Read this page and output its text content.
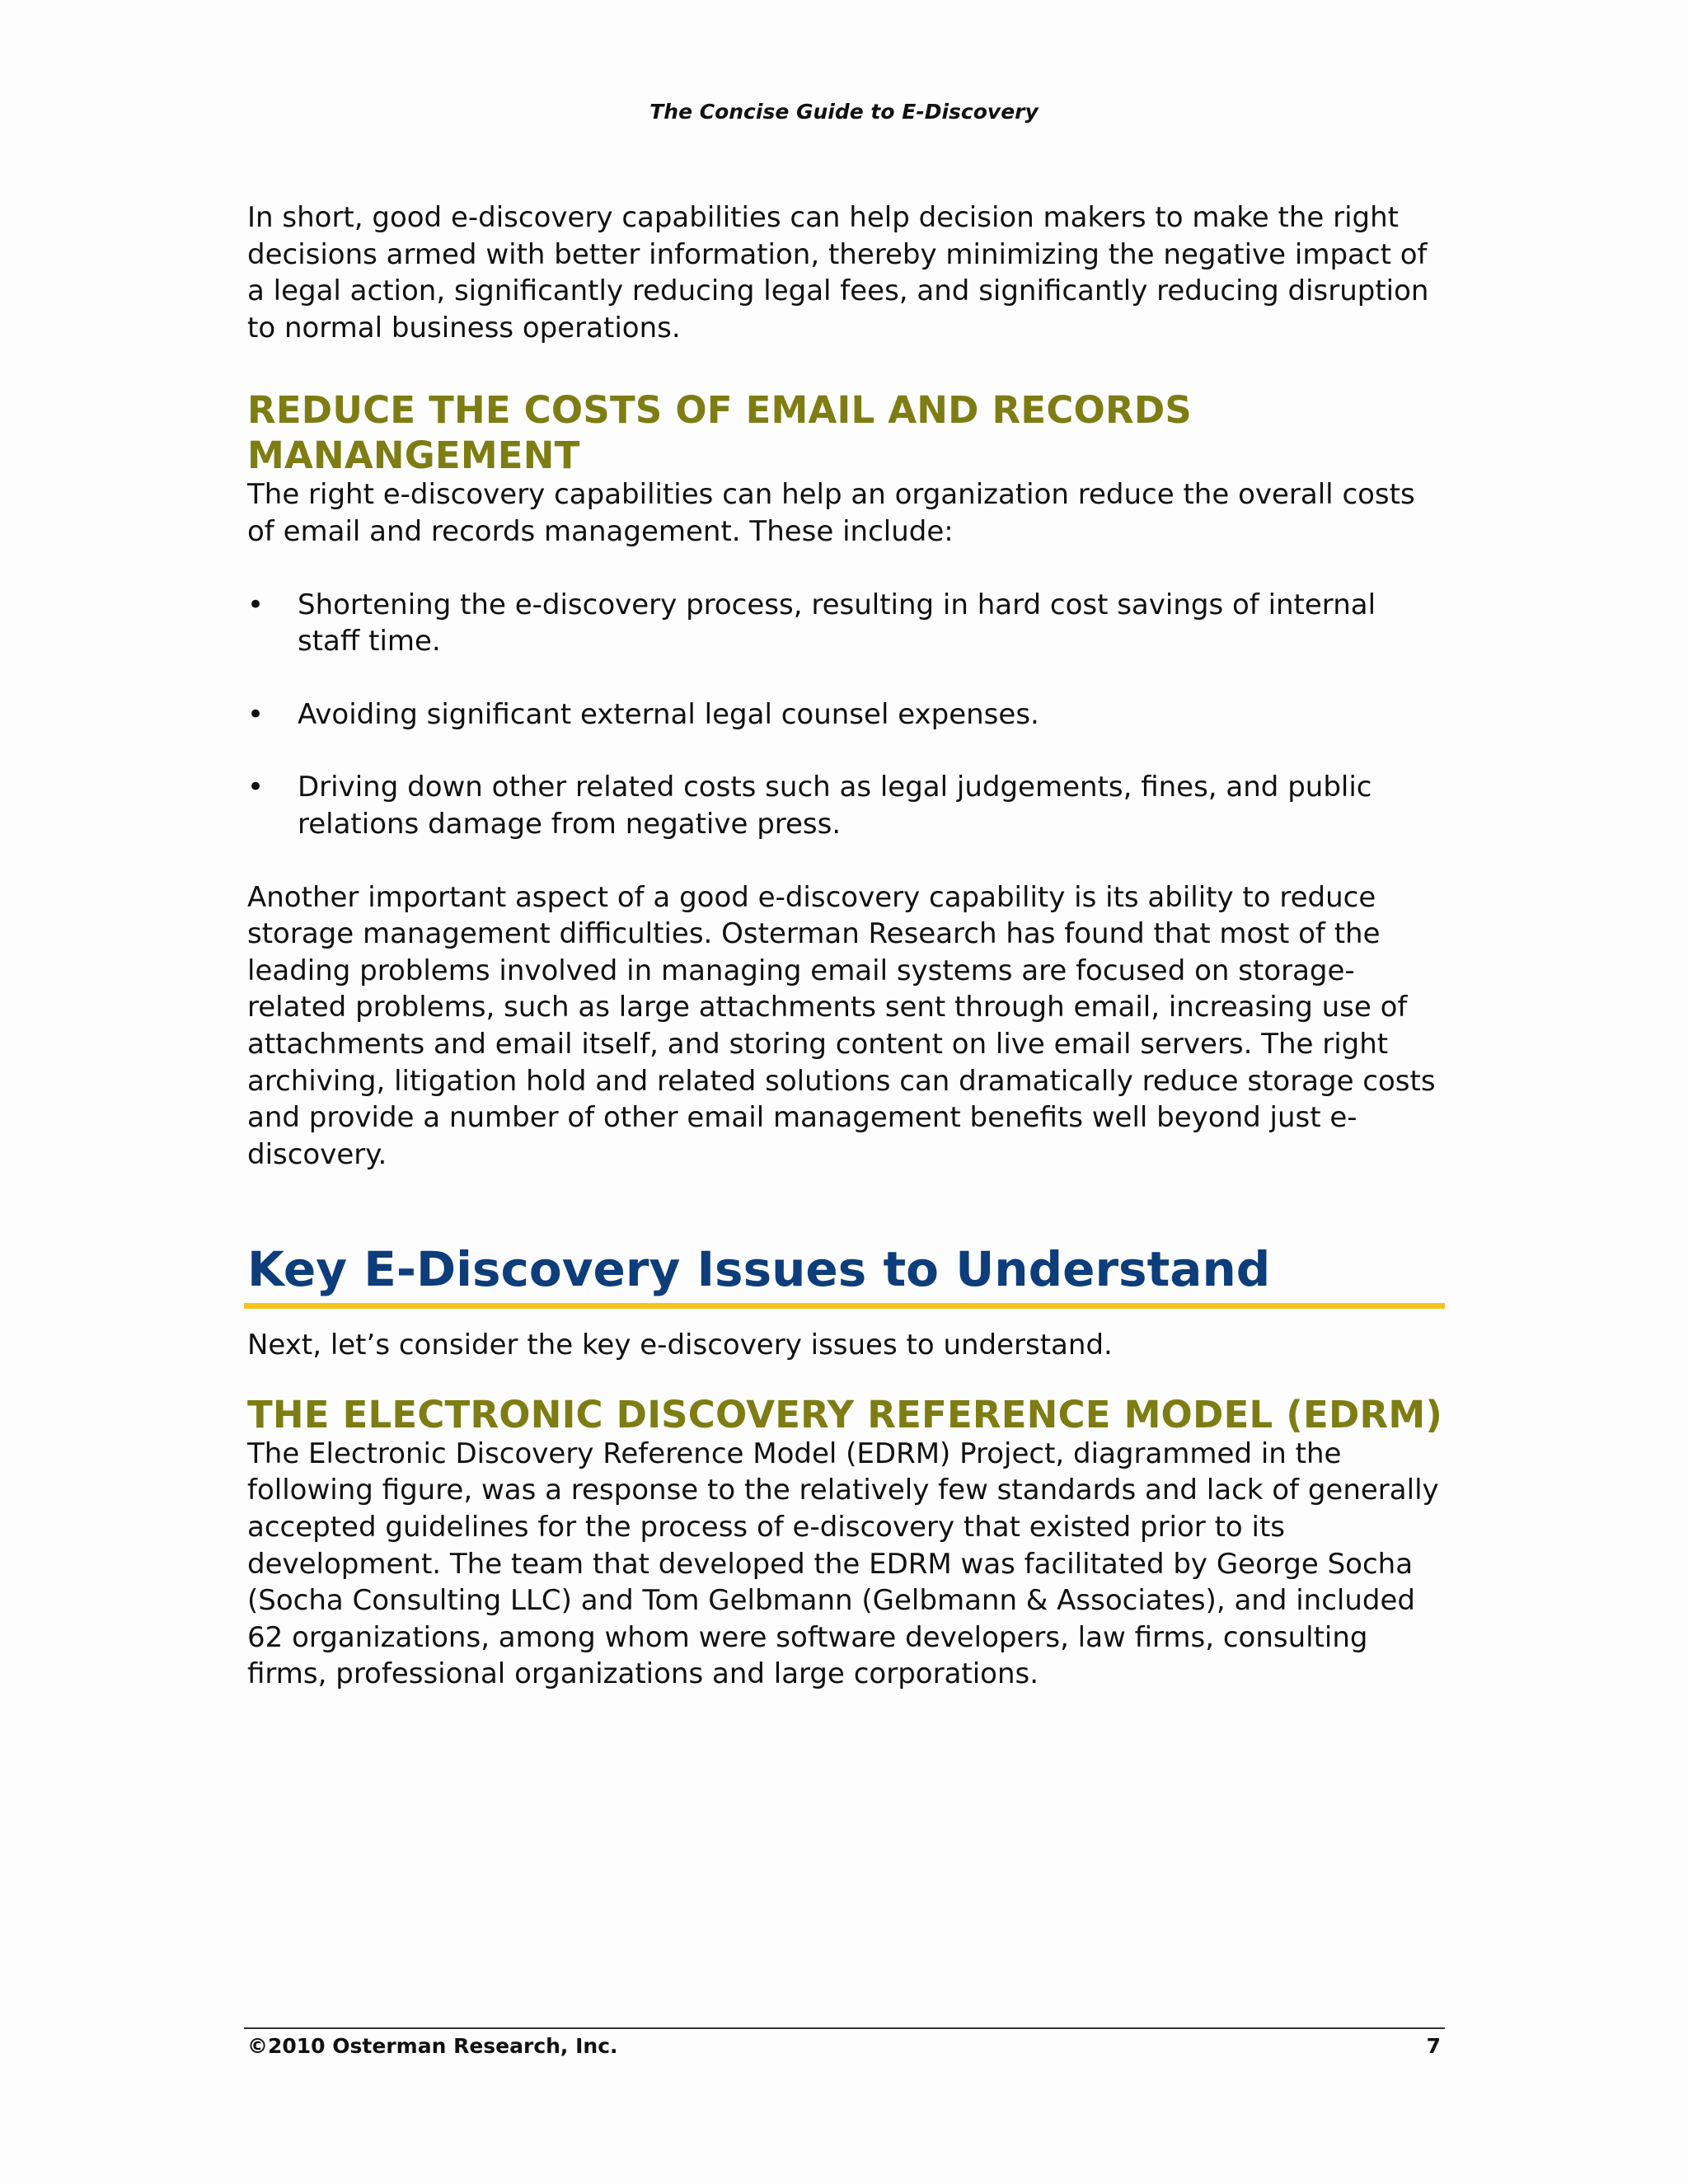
The Concise Guide to E-Discovery

In short, good e-discovery capabilities can help decision makers to make the right decisions armed with better information, thereby minimizing the negative impact of a legal action, significantly reducing legal fees, and significantly reducing disruption to normal business operations.

REDUCE THE COSTS OF EMAIL AND RECORDS
MANANGEMENT

The right e-discovery capabilities can help an organization reduce the overall costs of email and records management. These include:

• Shortening the e-discovery process, resulting in hard cost savings of internal staff time.
• Avoiding significant external legal counsel expenses.
• Driving down other related costs such as legal judgements, fines, and public relations damage from negative press.

Another important aspect of a good e-discovery capability is its ability to reduce storage management difficulties. Osterman Research has found that most of the leading problems involved in managing email systems are focused on storage-related problems, such as large attachments sent through email, increasing use of attachments and email itself, and storing content on live email servers. The right archiving, litigation hold and related solutions can dramatically reduce storage costs and provide a number of other email management benefits well beyond just e-discovery.

Key E-Discovery Issues to Understand

Next, let’s consider the key e-discovery issues to understand.

THE ELECTRONIC DISCOVERY REFERENCE MODEL (EDRM)

The Electronic Discovery Reference Model (EDRM) Project, diagrammed in the following figure, was a response to the relatively few standards and lack of generally accepted guidelines for the process of e-discovery that existed prior to its development. The team that developed the EDRM was facilitated by George Socha (Socha Consulting LLC) and Tom Gelbmann (Gelbmann & Associates), and included 62 organizations, among whom were software developers, law firms, consulting firms, professional organizations and large corporations.

©2010 Osterman Research, Inc.	7
